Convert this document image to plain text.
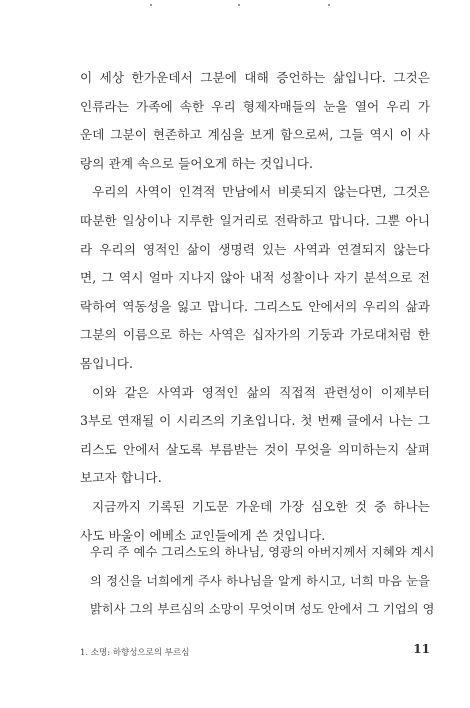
이 세상 한가운데서 그분에 대해 증언하는 삶입니다. 그것은
인류라는 가족에 속한 우리 형제자매들의 눈을 열어 우리 가
운데 그분이 현존하고 계심을 보게 함으로써, 그들 역시 이 사
랑의 관계 속으로 들어오게 하는 것입니다.
우리의 사역이 인격적 만남에서 비롯되지 않는다면, 그것은
따분한 일상이나 지루한 일거리로 전락하고 맙니다. 그뿐 아니
라 우리의 영적인 삶이 생명력 있는 사역과 연결되지 않는다
면, 그 역시 얼마 지나지 않아 내적 성찰이나 자기 분석으로 전
락하여 역동성을 잃고 맙니다. 그리스도 안에서의 우리의 삶과
그분의 이름으로 하는 사역은 십자가의 기둥과 가로대처럼 한
몸입니다.
이와 같은 사역과 영적인 삶의 직접적 관련성이 이제부터
3부로 연재될 이 시리즈의 기초입니다. 첫 번째 글에서 나는 그
리스도 안에서 살도록 부름받는 것이 무엇을 의미하는지 살펴
보고자 합니다.
지금까지 기록된 기도문 가운데 가장 심오한 것 중 하나는
사도 바울이 에베소 교인들에게 쓴 것입니다.
우리 주 예수 그리스도의 하나님, 영광의 아버지께서 지혜와 계시
의 정신을 너희에게 주사 하나님을 알게 하시고, 너희 마음 눈을
밝히사 그의 부르심의 소망이 무엇이며 성도 안에서 그 기업의 영
1. 소명: 하향성으로의 부르심	11
